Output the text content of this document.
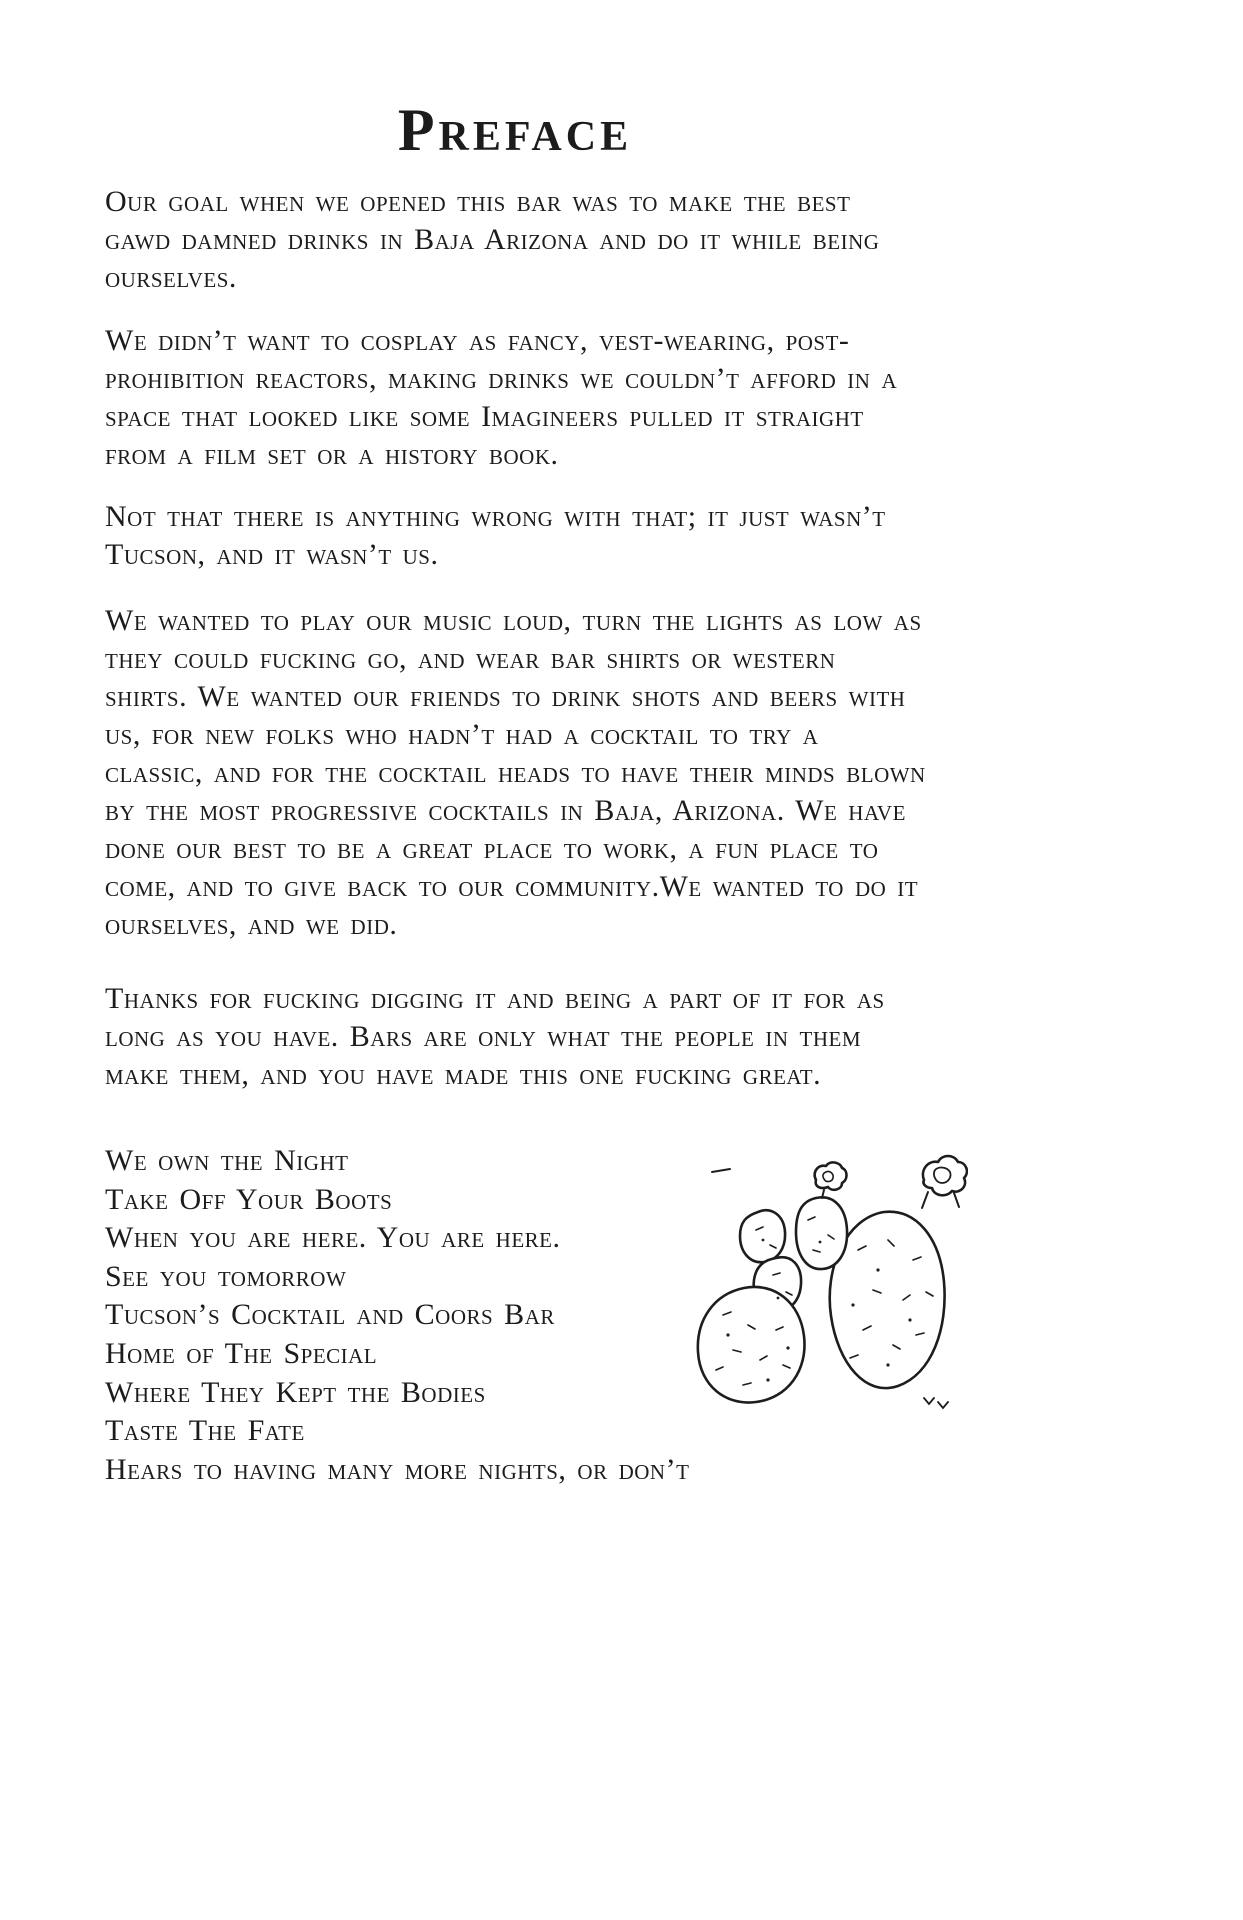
Preface

Our goal when we opened this bar was to make the best gawd damned drinks in Baja Arizona and do it while being ourselves.

We didn’t want to cosplay as fancy, vest-wearing, post-prohibition reactors, making drinks we couldn’t afford in a space that looked like some Imagineers pulled it straight from a film set or a history book.

Not that there is anything wrong with that; it just wasn’t Tucson, and it wasn’t us.

We wanted to play our music loud, turn the lights as low as they could fucking go, and wear bar shirts or western shirts. We wanted our friends to drink shots and beers with us, for new folks who hadn’t had a cocktail to try a classic, and for the cocktail heads to have their minds blown by the most progressive cocktails in Baja, Arizona. We have done our best to be a great place to work, a fun place to come, and to give back to our community.We wanted to do it ourselves, and we did.

Thanks for fucking digging it and being a part of it for as long as you have. Bars are only what the people in them make them, and you have made this one fucking great.

We own the Night
Take Off Your Boots
When you are here. You are here.
See you tomorrow
Tucson’s Cocktail and Coors Bar
Home of The Special
Where They Kept the Bodies
Taste The Fate
Hears to having many more nights, or don’t
